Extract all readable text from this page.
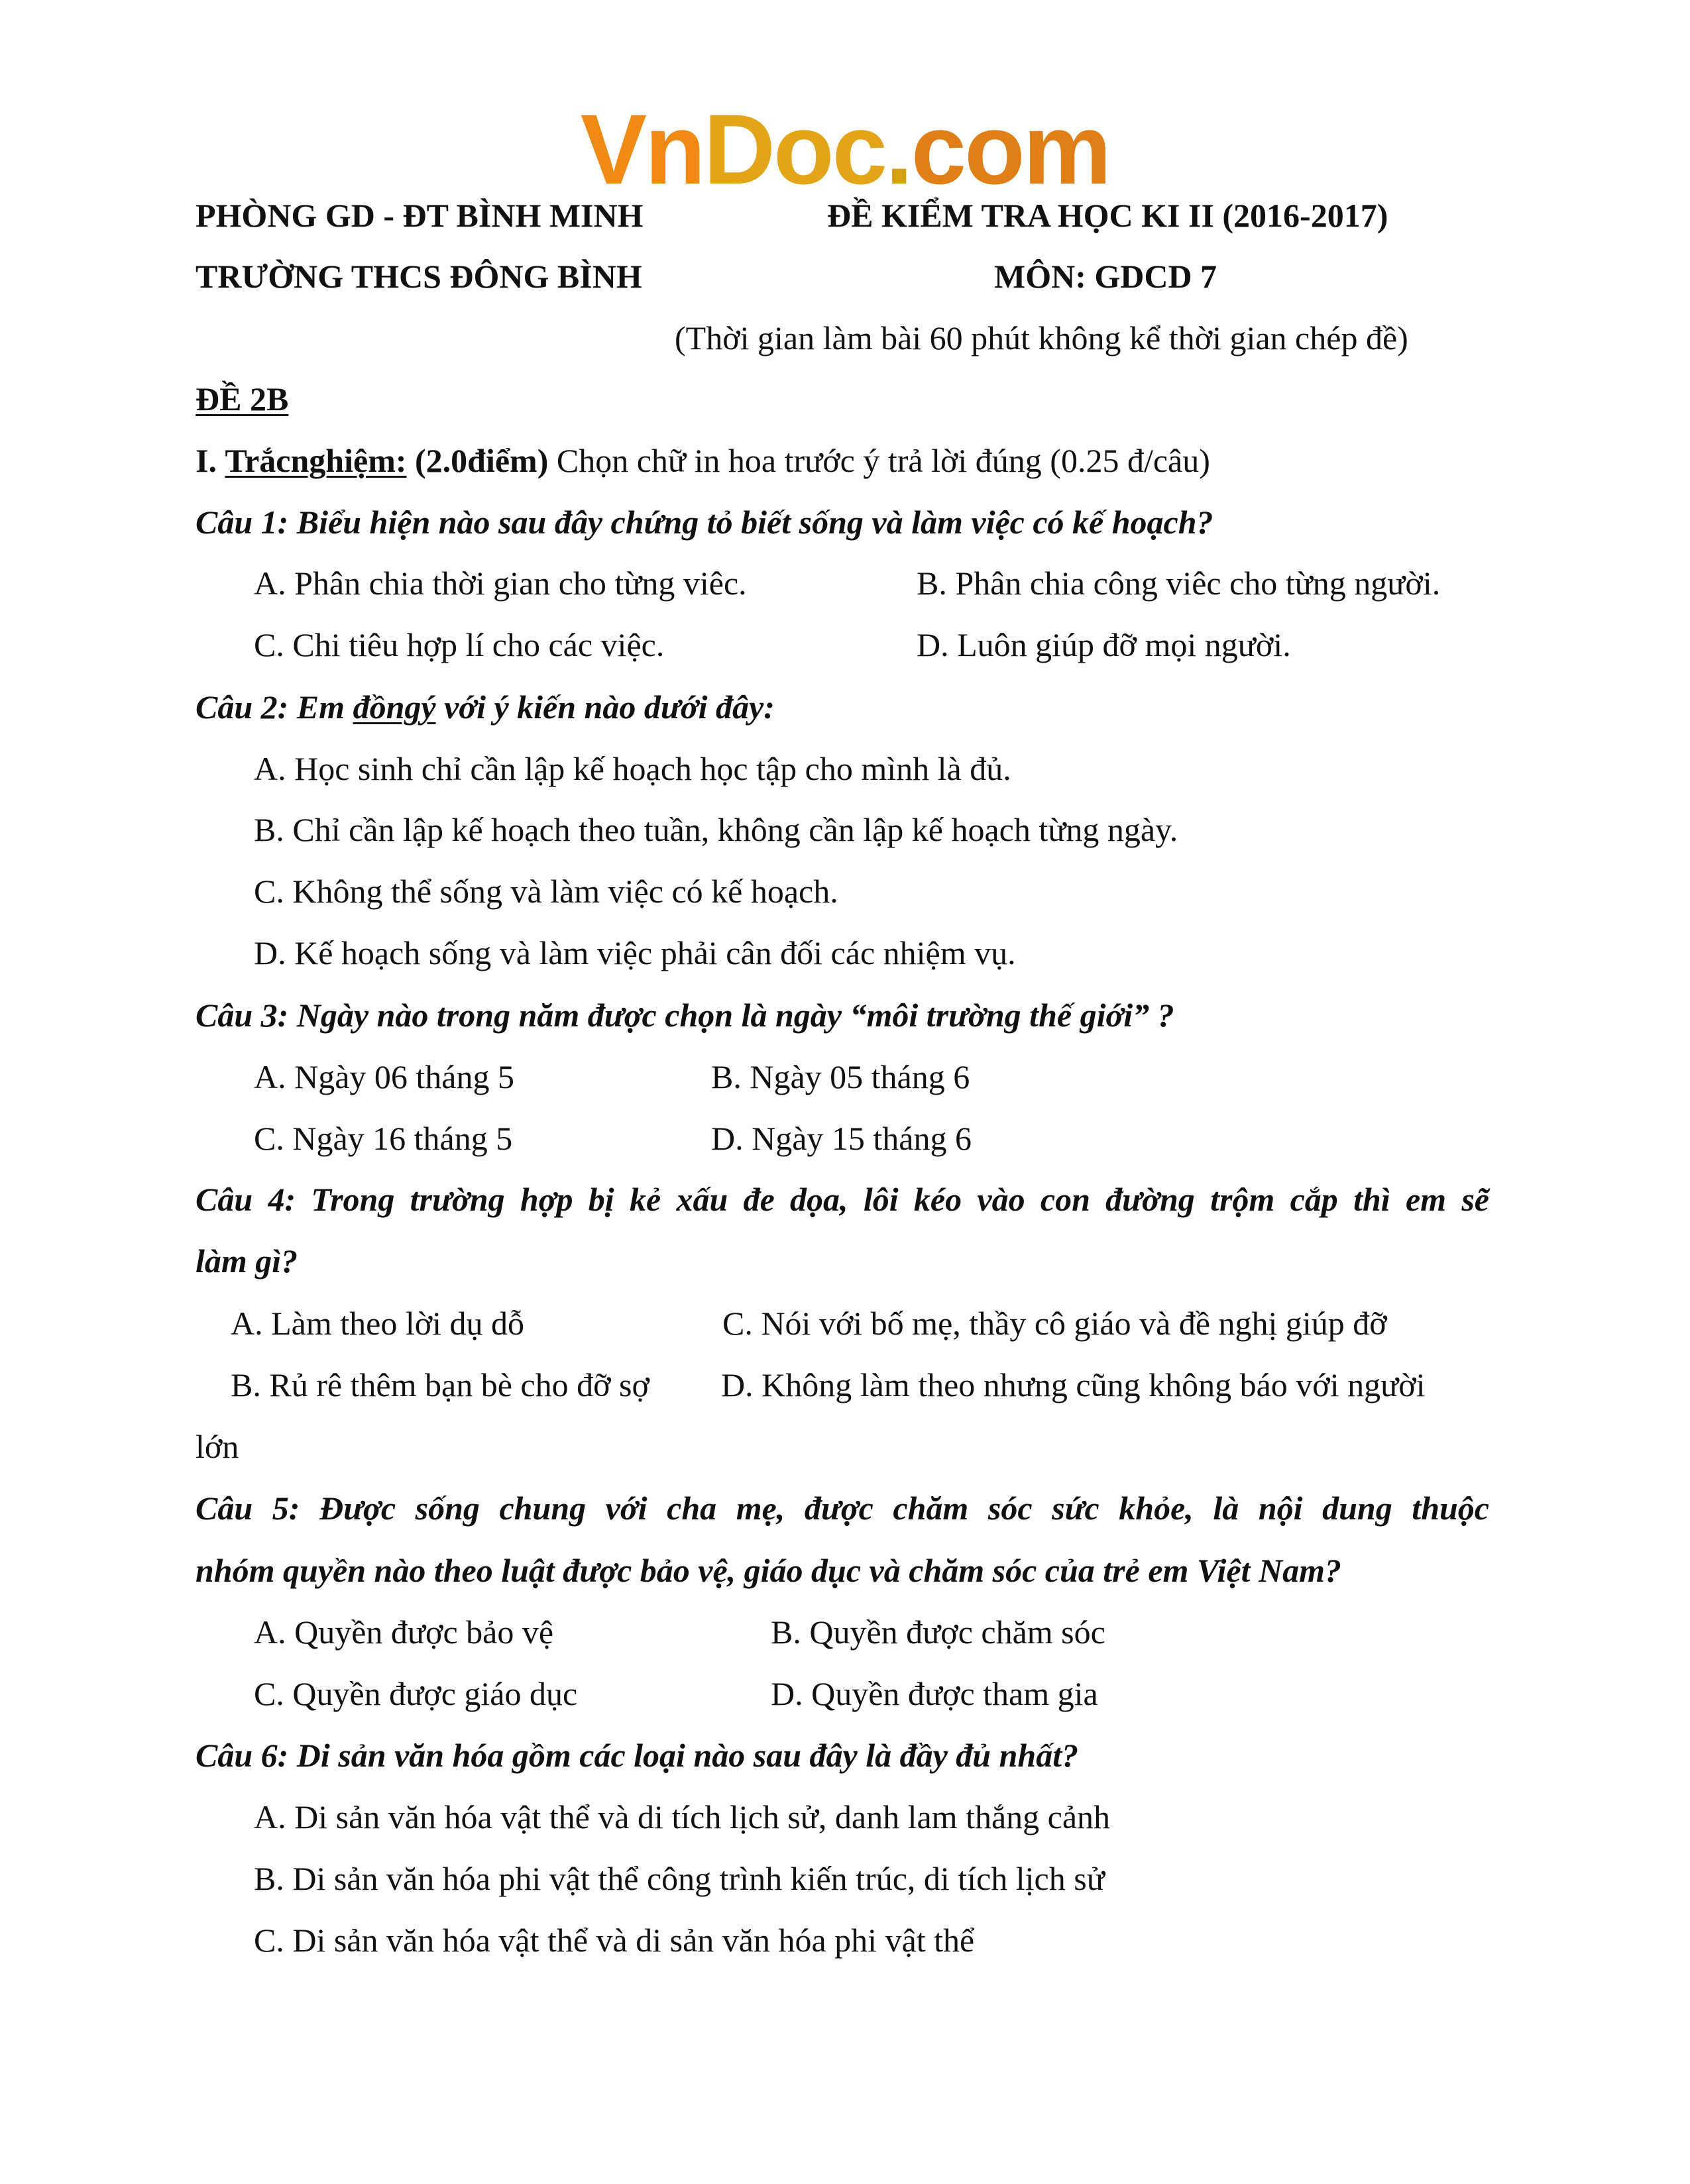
VnDoc.com
PHÒNG GD - ĐT BÌNH MINH	ĐỀ KIỂM TRA HỌC KI II (2016-2017)
TRƯỜNG THCS ĐÔNG BÌNH	MÔN: GDCD 7
(Thời gian làm bài 60 phút không kể thời gian chép đề)
ĐỀ 2B
I. Trắcnghiệm: (2.0điểm) Chọn chữ in hoa trước ý trả lời đúng (0.25 đ/câu)
Câu 1: Biểu hiện nào sau đây chứng tỏ biết sống và làm việc có kế hoạch?
A. Phân chia thời gian cho từng viêc.	B. Phân chia công viêc cho từng người.
C. Chi tiêu hợp lí cho các việc.	D. Luôn giúp đỡ mọi người.
Câu 2: Em đồngý với ý kiến nào dưới đây:
A. Học sinh chỉ cần lập kế hoạch học tập cho mình là đủ.
B. Chỉ cần lập kế hoạch theo tuần, không cần lập kế hoạch từng ngày.
C. Không thể sống và làm việc có kế hoạch.
D. Kế hoạch sống và làm việc phải cân đối các nhiệm vụ.
Câu 3: Ngày nào trong năm được chọn là ngày “môi trường thế giới” ?
A. Ngày 06 tháng 5	B. Ngày 05 tháng 6
C. Ngày 16 tháng 5	D. Ngày 15 tháng 6
Câu 4: Trong trường hợp bị kẻ xấu đe dọa, lôi kéo vào con đường trộm cắp thì em sẽ
làm gì?
A. Làm theo lời dụ dỗ	C. Nói với bố mẹ, thầy cô giáo và đề nghị giúp đỡ
B. Rủ rê thêm bạn bè cho đỡ sợ D. Không làm theo nhưng cũng không báo với người
lớn
Câu 5: Được sống chung với cha mẹ, được chăm sóc sức khỏe, là nội dung thuộc
nhóm quyền nào theo luật được bảo vệ, giáo dục và chăm sóc của trẻ em Việt Nam?
A. Quyền được bảo vệ	B. Quyền được chăm sóc
C. Quyền được giáo dục	D. Quyền được tham gia
Câu 6: Di sản văn hóa gồm các loại nào sau đây là đầy đủ nhất?
A. Di sản văn hóa vật thể và di tích lịch sử, danh lam thắng cảnh
B. Di sản văn hóa phi vật thể công trình kiến trúc, di tích lịch sử
C. Di sản văn hóa vật thể và di sản văn hóa phi vật thể
